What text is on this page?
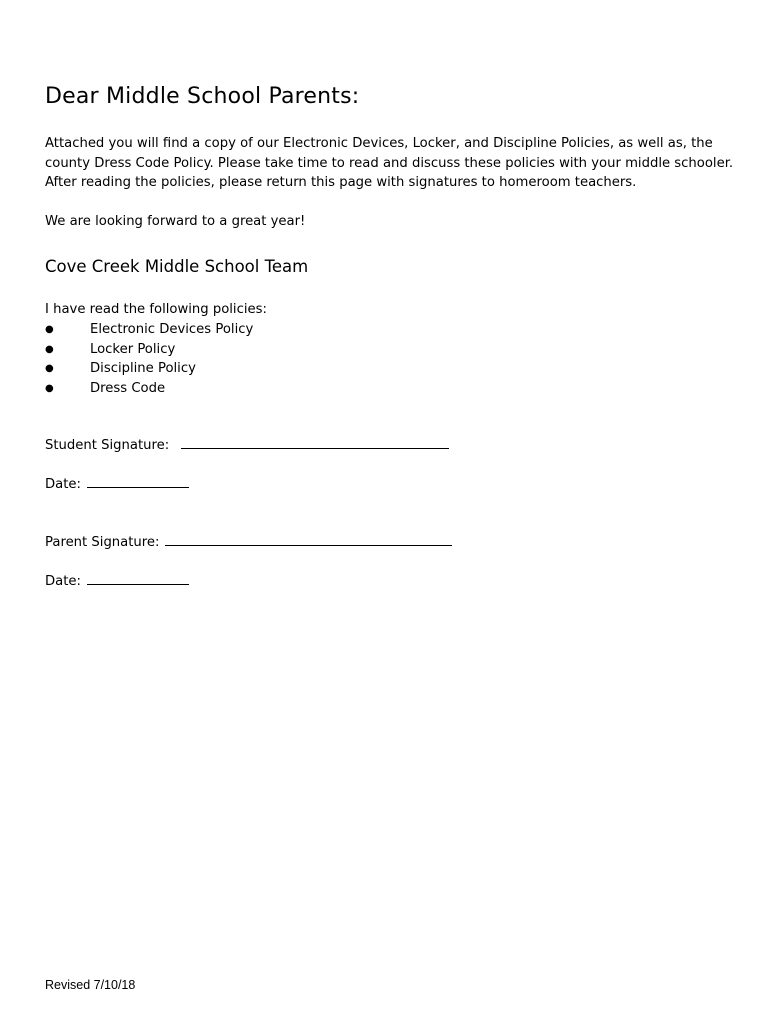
Dear Middle School Parents:

Attached you will find a copy of our Electronic Devices, Locker, and Discipline Policies, as well as, the county Dress Code Policy. Please take time to read and discuss these policies with your middle schooler. After reading the policies, please return this page with signatures to homeroom teachers.

We are looking forward to a great year!

Cove Creek Middle School Team

I have read the following policies:

●	Electronic Devices Policy
●	Locker Policy
●	Discipline Policy
●	Dress Code
Student Signature:
Date:
Parent Signature:
Date:

Revised 7/10/18
